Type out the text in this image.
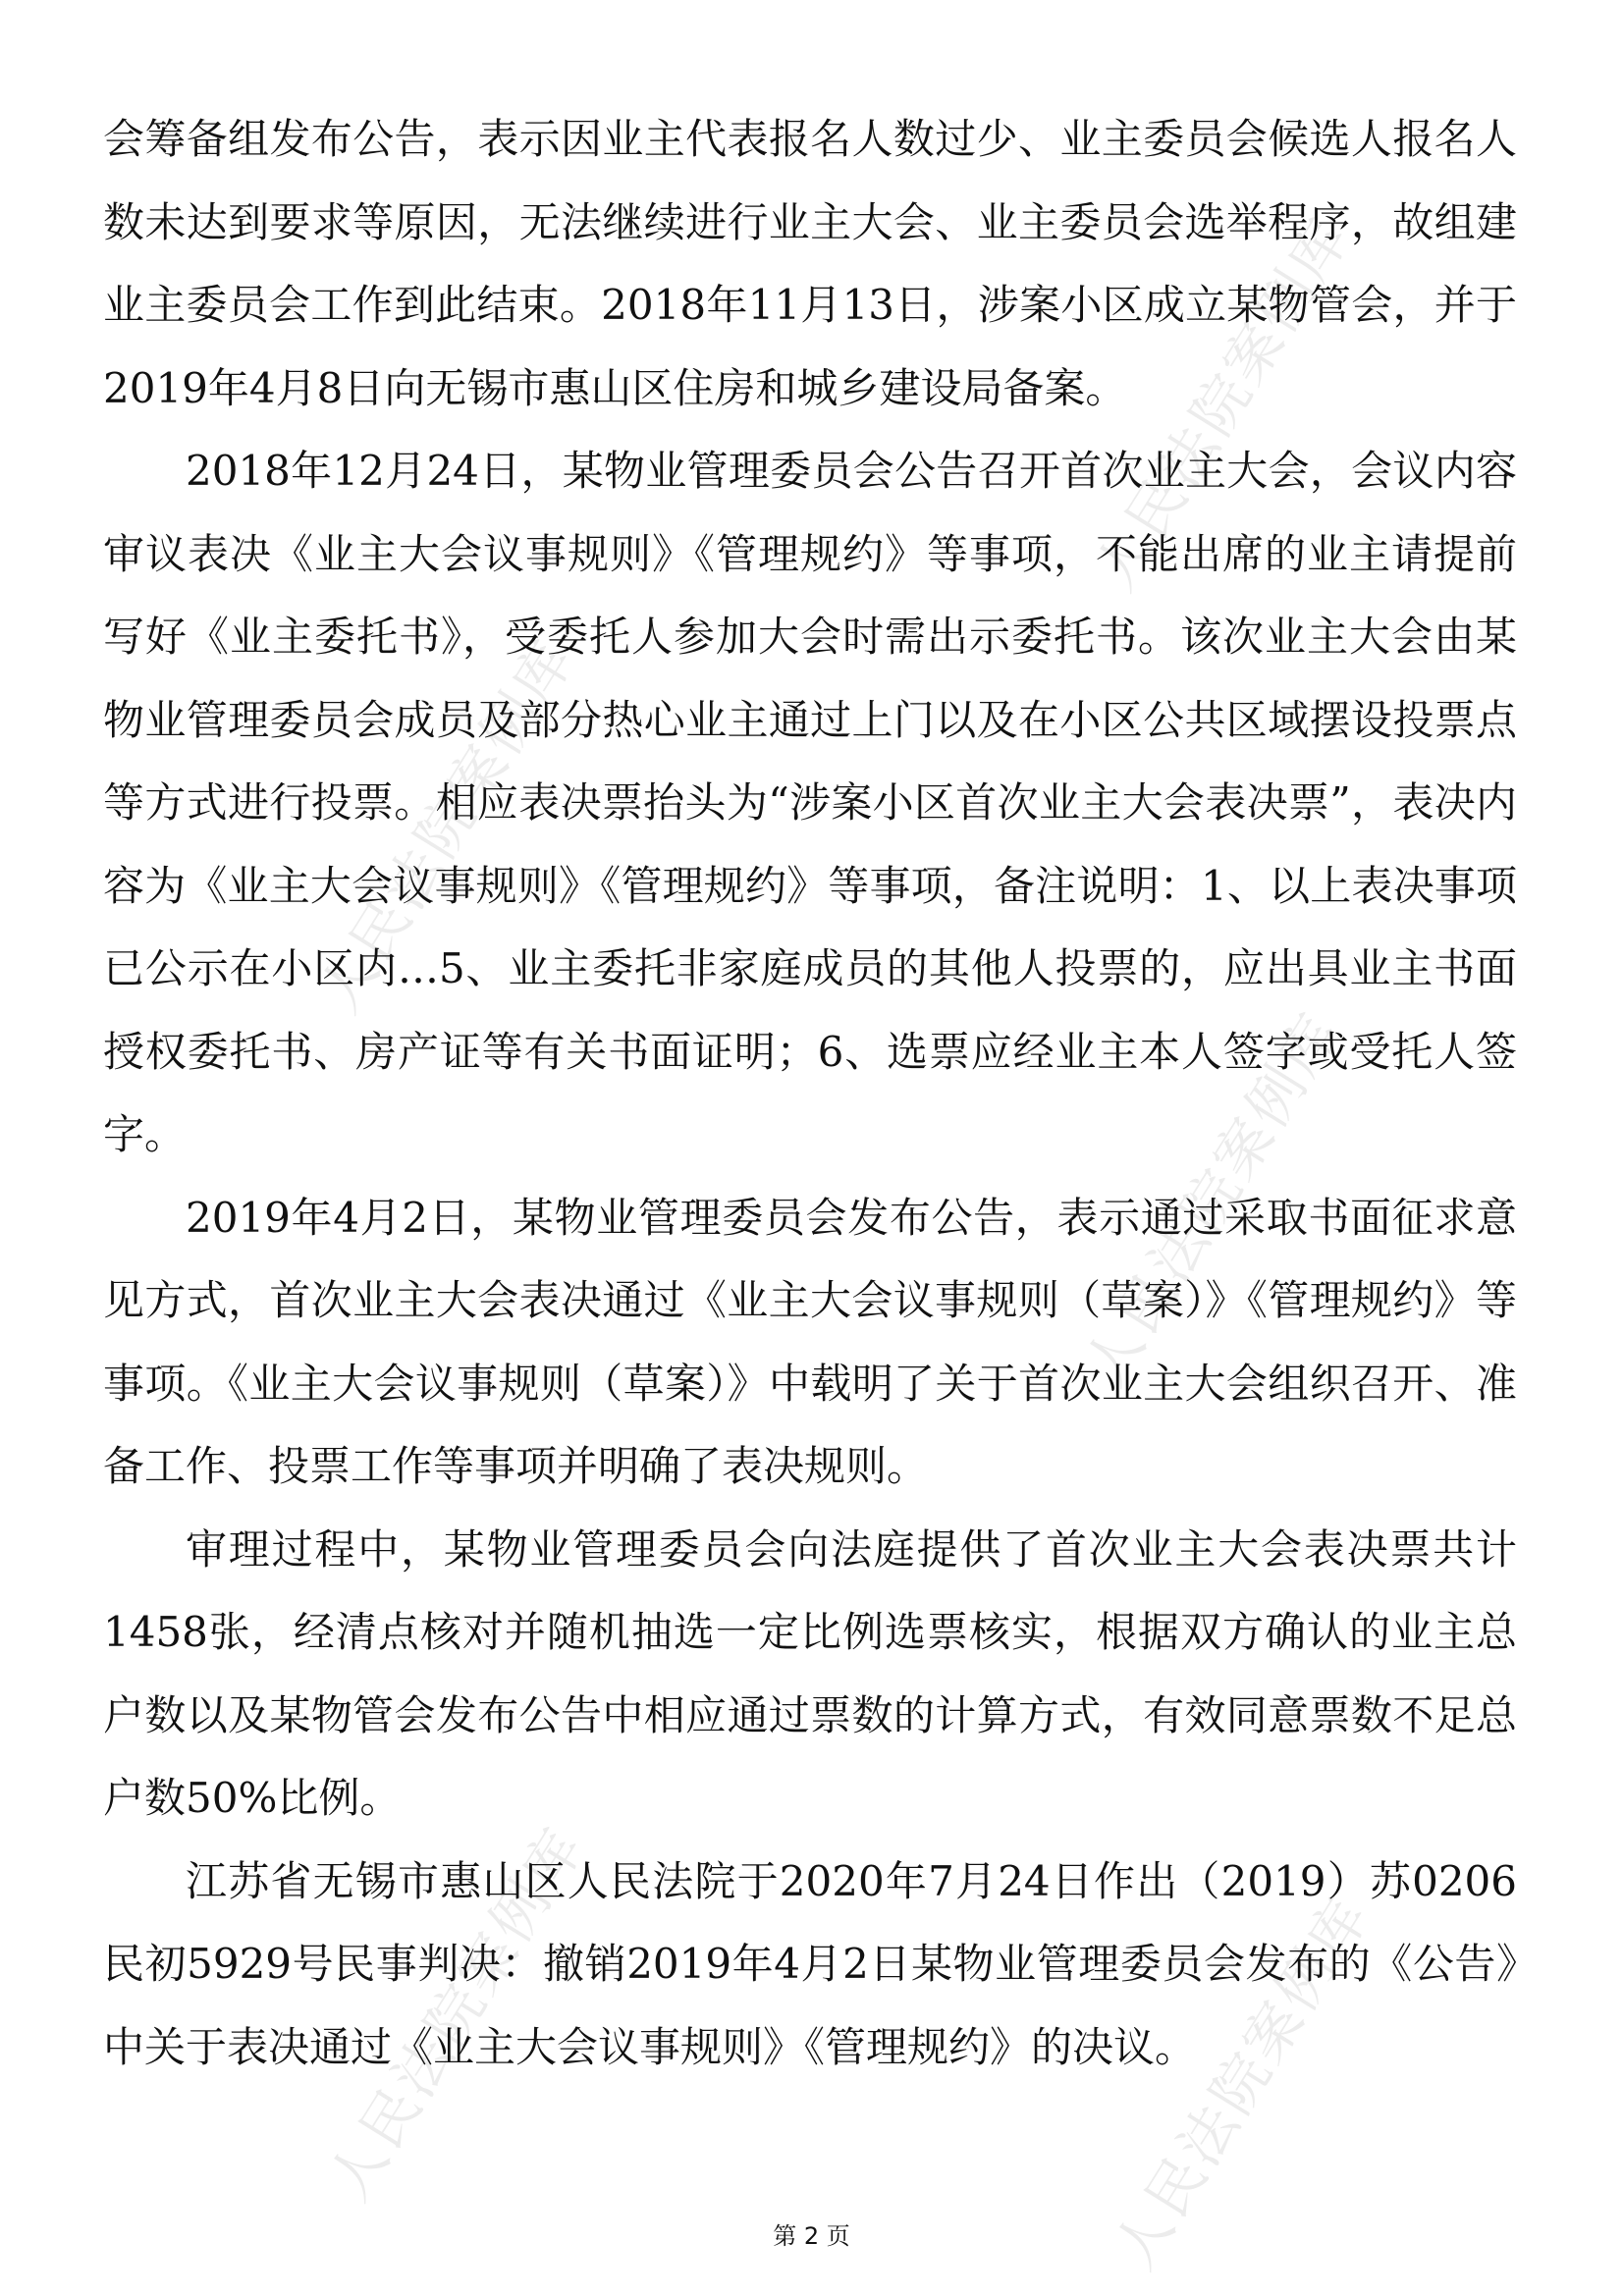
人民法院案例库
人民法院案例库
人民法院案例库
人民法院案例库	人民法院案例库

会筹备组发布公告，表示因业主代表报名人数过少、业主委员会候选人报名人数未达到要求等原因，无法继续进行业主大会、业主委员会选举程序，故组建业主委员会工作到此结束。2018年11月13日，涉案小区成立某物管会，并于2019年4月8日向无锡市惠山区住房和城乡建设局备案。

2018年12月24日，某物业管理委员会公告召开首次业主大会，会议内容审议表决《业主大会议事规则》《管理规约》等事项，不能出席的业主请提前写好《业主委托书》，受委托人参加大会时需出示委托书。该次业主大会由某物业管理委员会成员及部分热心业主通过上门以及在小区公共区域摆设投票点等方式进行投票。相应表决票抬头为“涉案小区首次业主大会表决票”，表决内容为《业主大会议事规则》《管理规约》等事项，备注说明：1、以上表决事项已公示在小区内…5、业主委托非家庭成员的其他人投票的，应出具业主书面授权委托书、房产证等有关书面证明；6、选票应经业主本人签字或受托人签字。

2019年4月2日，某物业管理委员会发布公告，表示通过采取书面征求意见方式，首次业主大会表决通过《业主大会议事规则（草案）》《管理规约》等事项。《业主大会议事规则（草案）》中载明了关于首次业主大会组织召开、准备工作、投票工作等事项并明确了表决规则。

审理过程中，某物业管理委员会向法庭提供了首次业主大会表决票共计1458张，经清点核对并随机抽选一定比例选票核实，根据双方确认的业主总户数以及某物管会发布公告中相应通过票数的计算方式，有效同意票数不足总户数50%比例。

江苏省无锡市惠山区人民法院于2020年7月24日作出（2019）苏0206民初5929号民事判决：撤销2019年4月2日某物业管理委员会发布的《公告》中关于表决通过《业主大会议事规则》《管理规约》的决议。

第 2 页
